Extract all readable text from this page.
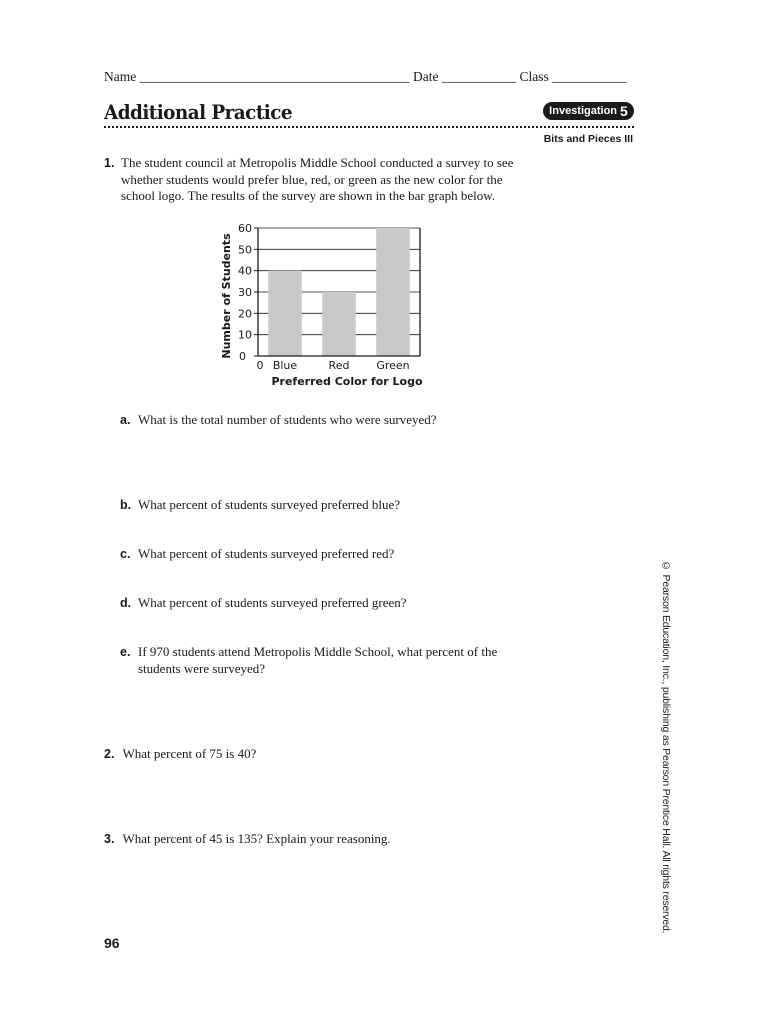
Name ________________________________________ Date ___________ Class ___________
Additional Practice	Investigation 5
Bits and Pieces III
1. The student council at Metropolis Middle School conducted a survey to see whether students would prefer blue, red, or green as the new color for the school logo. The results of the survey are shown in the bar graph below.
10
20
30
40
50
60
0
Blue	Red Green
0
Preferred Color for Logo
Number of Students
a. What is the total number of students who were surveyed?
b. What percent of students surveyed preferred blue?
c. What percent of students surveyed preferred red?
d. What percent of students surveyed preferred green?
e. If 970 students attend Metropolis Middle School, what percent of the students were surveyed?
2. What percent of 75 is 40?
3. What percent of 45 is 135? Explain your reasoning.
96
© Pearson Education, Inc., publishing as Pearson Prentice Hall. All rights reserved.
